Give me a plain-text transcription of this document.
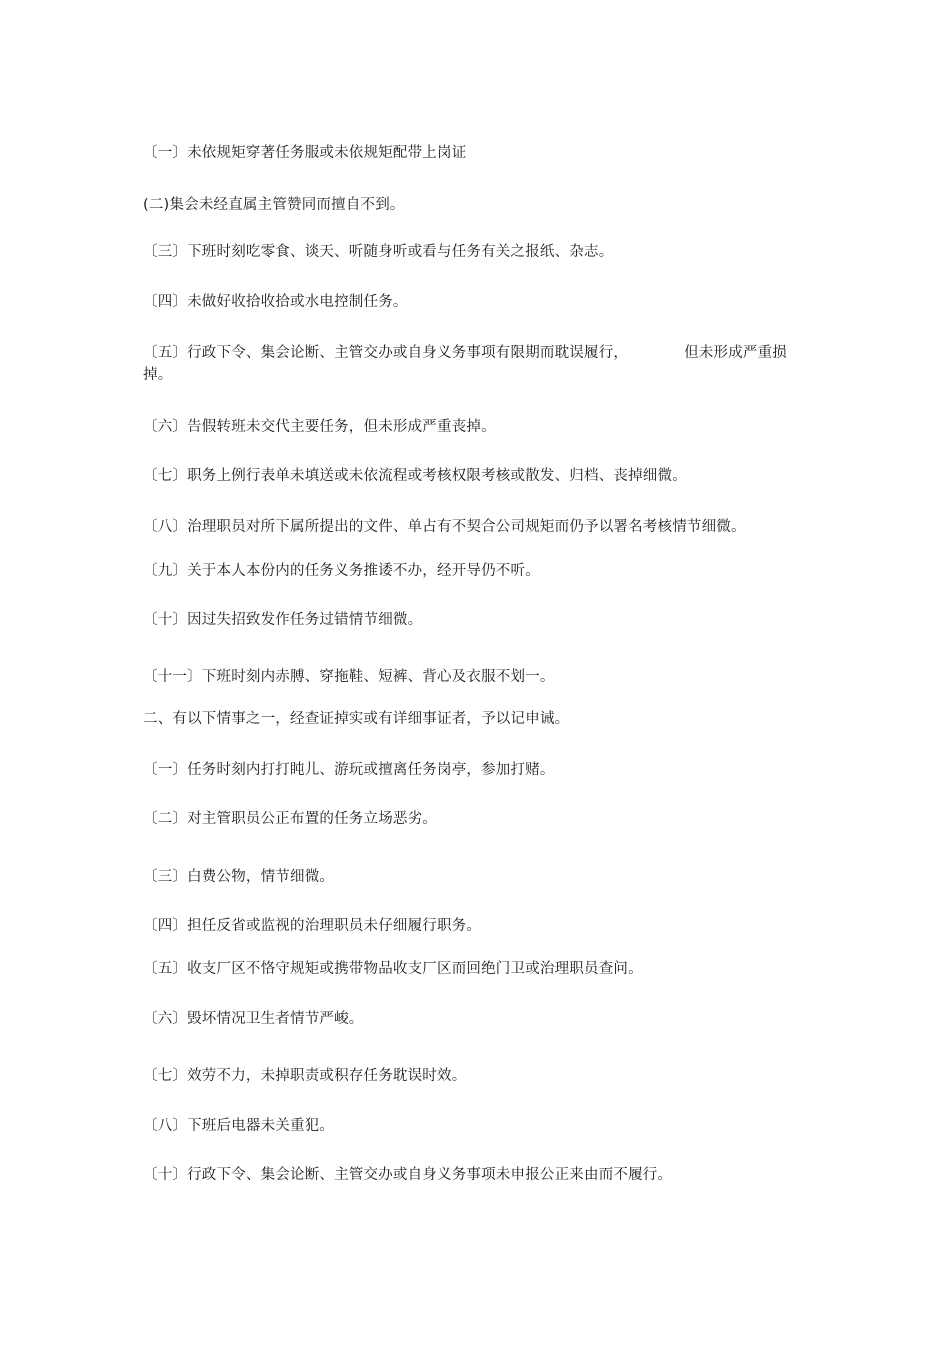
〔一〕未依规矩穿著任务服或未依规矩配带上岗证
(二)集会未经直属主管赞同而擅自不到。
〔三〕下班时刻吃零食、谈天、听随身听或看与任务有关之报纸、杂志。
〔四〕未做好收拾收拾或水电控制任务。
〔五〕行政下令、集会论断、主管交办或自身义务事项有限期而耽误履行，	但未形成严重损
掉。
〔六〕告假转班未交代主要任务，但未形成严重丧掉。
〔七〕职务上例行表单未填送或未依流程或考核权限考核或散发、归档、丧掉细微。
〔八〕治理职员对所下属所提出的文件、单占有不契合公司规矩而仍予以署名考核情节细微。
〔九〕关于本人本份内的任务义务推诿不办，经开导仍不听。
〔十〕因过失招致发作任务过错情节细微。
〔十一〕下班时刻内赤膊、穿拖鞋、短裤、背心及衣服不划一。
二、有以下情事之一，经查证掉实或有详细事证者，予以记申诫。
〔一〕任务时刻内打打盹儿、游玩或擅离任务岗亭，参加打赌。
〔二〕对主管职员公正布置的任务立场恶劣。
〔三〕白费公物，情节细微。
〔四〕担任反省或监视的治理职员未仔细履行职务。
〔五〕收支厂区不恪守规矩或携带物品收支厂区而回绝门卫或治理职员查问。
〔六〕毁坏情况卫生者情节严峻。
〔七〕效劳不力，未掉职责或积存任务耽误时效。
〔八〕下班后电器未关重犯。
〔十〕行政下令、集会论断、主管交办或自身义务事项未申报公正来由而不履行。
